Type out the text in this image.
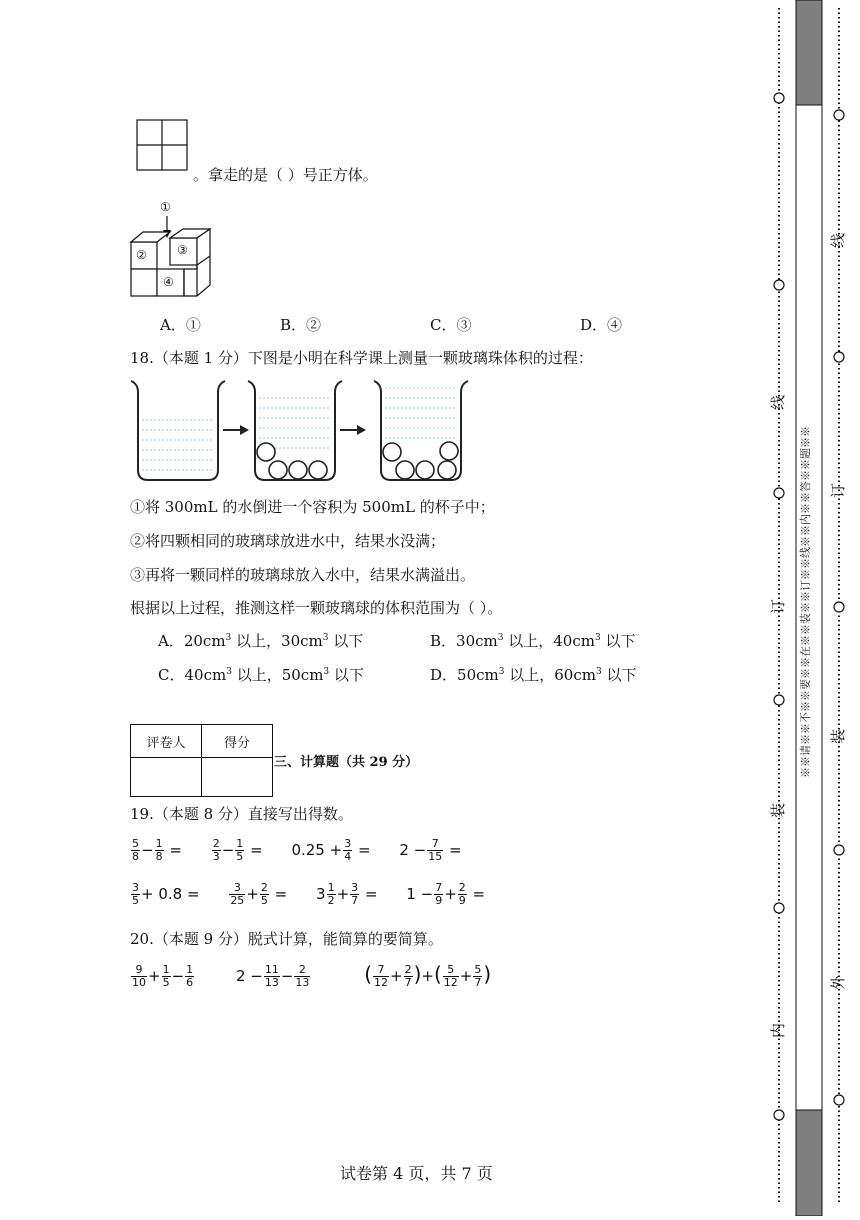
。拿走的是（ ）号正方体。
①
②	③
④
A．①	B．②	C．③	D．④
18.（本题 1 分）下图是小明在科学课上测量一颗玻璃珠体积的过程：
①将 300mL 的水倒进一个容积为 500mL 的杯子中；
②将四颗相同的玻璃球放进水中，结果水没满；
③再将一颗同样的玻璃球放入水中，结果水满溢出。
根据以上过程，推测这样一颗玻璃球的体积范围为（ ）。
A．$20cm^3$ 以上，$30cm^3$ 以下	B．$30cm^3$ 以上，$40cm^3$ 以下
C．$40cm^3$ 以上，$50cm^3$ 以下	D．$50cm^3$ 以上，$60cm^3$ 以下
评卷人	得分

三、计算题（共 29 分）
19.（本题 8 分）直接写出得数。
$\frac{5}{8} - \frac{1}{8}$ =	$\frac{2}{3} - \frac{1}{5} = 0.25 + \frac{3}{4} = 2 - \frac{7}{15}$ =
$\frac{3}{5} + 0.8$ =	$\frac{3}{25} + \frac{2}{5} = 3 \frac{1}{2} + \frac{3}{7} = 1 - \frac{7}{9} + \frac{2}{9}$ =
20.（本题 9 分）脱式计算，能简算的要简算。
$\frac{9}{10} + \frac{1}{5} - \frac{1}{6}$	$2 - \frac{11}{13} - \frac{2}{13}$	( $\frac{7}{12} + \frac{2}{7}$ )+( $\frac{5}{12} + \frac{5}{7}$ )
试卷第 4 页，共 7 页
内
装
订
线
外
装
订
线
※※请※※不※※要※※在※※装※※订※※线※※内※※答※※题※※
